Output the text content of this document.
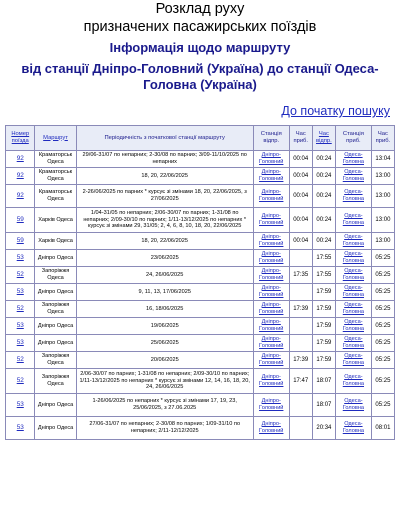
Розклад руху
призначених пасажирських поїздів
Інформація щодо маршруту
від станції Дніпро-Головний (Україна) до станції Одеса-Головна (Україна)
До початку пошуку
Номер поїзда	Маршрут	Періодичність з початкової станції маршруту	Станція відпр.	Час приб.	Час відпр.	Станція приб.	Час приб.
92	Краматорськ Одеса	29/06-31/07 по непарних; 2-30/08 по парних; 3/09-11/10/2025 по непарних	Дніпро-Головний	00:04	00:24	Одеса-Головна	13:04
92	Краматорськ Одеса	18, 20, 22/06/2025	Дніпро-Головний	00:04	00:24	Одеса-Головна	13:00
92	Краматорськ Одеса	2-26/06/2025 по парних * курсує зі змінами 18, 20, 22/06/2025, з 27/06/2025	Дніпро-Головний	00:04	00:24	Одеса-Головна	13:00
59	Харків Одеса	1/04-31/05 по непарних; 2/06-30/07 по парних; 1-31/08 по непарних; 2/09-30/10 по парних; 1/11-13/12/2025 по непарних * курсує зі змінами 29, 31/05; 2, 4, 6, 8, 10, 18, 20, 22/06/2025	Дніпро-Головний	00:04	00:24	Одеса-Головна	13:00
59	Харків Одеса	18, 20, 22/06/2025	Дніпро-Головний	00:04	00:24	Одеса-Головна	13:00
53	Дніпро Одеса	23/06/2025	Дніпро-Головний		17:55	Одеса-Головна	05:25
52	Запоріжжя Одеса	24, 26/06/2025	Дніпро-Головний	17:35	17:55	Одеса-Головна	05:25
53	Дніпро Одеса	9, 11, 13, 17/06/2025	Дніпро-Головний		17:59	Одеса-Головна	05:25
52	Запоріжжя Одеса	16, 18/06/2025	Дніпро-Головний	17:39	17:59	Одеса-Головна	05:25
53	Дніпро Одеса	19/06/2025	Дніпро-Головний		17:59	Одеса-Головна	05:25
53	Дніпро Одеса	25/06/2025	Дніпро-Головний		17:59	Одеса-Головна	05:25
52	Запоріжжя Одеса	20/06/2025	Дніпро-Головний	17:39	17:59	Одеса-Головна	05:25
52	Запоріжжя Одеса	2/06-30/07 по парних; 1-31/08 по непарних; 2/09-30/10 по парних; 1/11-13/12/2025 по непарних * курсує зі змінами 12, 14, 16, 18, 20, 24, 26/06/2025	Дніпро-Головний	17:47	18:07	Одеса-Головна	05:25
53	Дніпро Одеса	1-26/06/2025 по непарних * курсує зі змінами 17, 19, 23, 25/06/2025, з 27.06.2025	Дніпро-Головний		18:07	Одеса-Головна	05:25
53	Дніпро Одеса	27/06-31/07 по непарних; 2-30/08 по парних; 1/09-31/10 по непарних; 2/11-12/12/2025	Дніпро-Головний		20:34	Одеса-Головна	08:01
